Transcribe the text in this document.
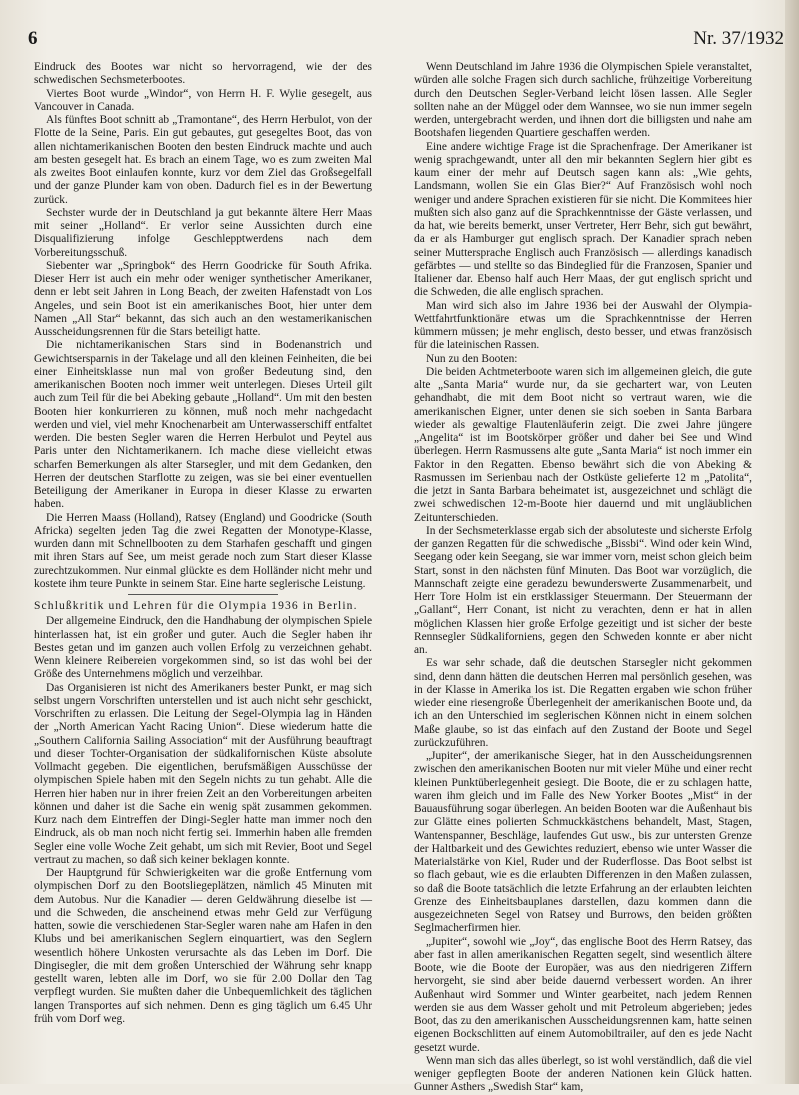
6	Nr. 37/1932

Eindruck des Bootes war nicht so hervorragend, wie der des schwedischen Sechsmeterbootes.

Viertes Boot wurde „Windor“, von Herrn H. F. Wylie gesegelt, aus Vancouver in Canada.

Als fünftes Boot schnitt ab „Tramontane“, des Herrn Herbulot, von der Flotte de la Seine, Paris. Ein gut gebautes, gut gesegeltes Boot, das von allen nichtamerikanischen Booten den besten Eindruck machte und auch am besten gesegelt hat. Es brach an einem Tage, wo es zum zweiten Mal als zweites Boot einlaufen konnte, kurz vor dem Ziel das Großsegelfall und der ganze Plunder kam von oben. Dadurch fiel es in der Bewertung zurück.

Sechster wurde der in Deutschland ja gut bekannte ältere Herr Maas mit seiner „Holland“. Er verlor seine Aussichten durch eine Disqualifizierung infolge Geschlepptwerdens nach dem Vorbereitungsschuß.

Siebenter war „Springbok“ des Herrn Goodricke für South Afrika. Dieser Herr ist auch ein mehr oder weniger synthetischer Amerikaner, denn er lebt seit Jahren in Long Beach, der zweiten Hafenstadt von Los Angeles, und sein Boot ist ein amerikanisches Boot, hier unter dem Namen „All Star“ bekannt, das sich auch an den westamerikanischen Ausscheidungsrennen für die Stars beteiligt hatte.

Die nichtamerikanischen Stars sind in Bodenanstrich und Gewichtsersparnis in der Takelage und all den kleinen Feinheiten, die bei einer Einheitsklasse nun mal von großer Bedeutung sind, den amerikanischen Booten noch immer weit unterlegen. Dieses Urteil gilt auch zum Teil für die bei Abeking gebaute „Holland“. Um mit den besten Booten hier konkurrieren zu können, muß noch mehr nachgedacht werden und viel, viel mehr Knochenarbeit am Unterwasserschiff entfaltet werden. Die besten Segler waren die Herren Herbulot und Peytel aus Paris unter den Nichtamerikanern. Ich mache diese vielleicht etwas scharfen Bemerkungen als alter Starsegler, und mit dem Gedanken, den Herren der deutschen Starflotte zu zeigen, was sie bei einer eventuellen Beteiligung der Amerikaner in Europa in dieser Klasse zu erwarten haben.

Die Herren Maass (Holland), Ratsey (England) und Goodricke (South Africka) segelten jeden Tag die zwei Regatten der Monotype-Klasse, wurden dann mit Schnellbooten zu dem Starhafen geschafft und gingen mit ihren Stars auf See, um meist gerade noch zum Start dieser Klasse zurechtzukommen. Nur einmal glückte es dem Holländer nicht mehr und kostete ihm teure Punkte in seinem Star. Eine harte seglerische Leistung.

Schlußkritik und Lehren für die Olympia 1936 in Berlin.

Der allgemeine Eindruck, den die Handhabung der olympischen Spiele hinterlassen hat, ist ein großer und guter. Auch die Segler haben ihr Bestes getan und im ganzen auch vollen Erfolg zu verzeichnen gehabt. Wenn kleinere Reibereien vorgekommen sind, so ist das wohl bei der Größe des Unternehmens möglich und verzeihbar.

Das Organisieren ist nicht des Amerikaners bester Punkt, er mag sich selbst ungern Vorschriften unterstellen und ist auch nicht sehr geschickt, Vorschriften zu erlassen. Die Leitung der Segel-Olympia lag in Händen der „North American Yacht Racing Union“. Diese wiederum hatte die „Southern California Sailing Association“ mit der Ausführung beauftragt und dieser Tochter-Organisation der südkalifornischen Küste absolute Vollmacht gegeben. Die eigentlichen, berufsmäßigen Ausschüsse der olympischen Spiele haben mit den Segeln nichts zu tun gehabt. Alle die Herren hier haben nur in ihrer freien Zeit an den Vorbereitungen arbeiten können und daher ist die Sache ein wenig spät zusammen gekommen. Kurz nach dem Eintreffen der Dingi-Segler hatte man immer noch den Eindruck, als ob man noch nicht fertig sei. Immerhin haben alle fremden Segler eine volle Woche Zeit gehabt, um sich mit Revier, Boot und Segel vertraut zu machen, so daß sich keiner beklagen konnte.

Der Hauptgrund für Schwierigkeiten war die große Entfernung vom olympischen Dorf zu den Bootsliegeplätzen, nämlich 45 Minuten mit dem Autobus. Nur die Kanadier — deren Geldwährung dieselbe ist — und die Schweden, die anscheinend etwas mehr Geld zur Verfügung hatten, sowie die verschiedenen Star-Segler waren nahe am Hafen in den Klubs und bei amerikanischen Seglern einquartiert, was den Seglern wesentlich höhere Unkosten verursachte als das Leben im Dorf. Die Dingisegler, die mit dem großen Unterschied der Währung sehr knapp gestellt waren, lebten alle im Dorf, wo sie für 2.00 Dollar den Tag verpflegt wurden. Sie mußten daher die Unbequemlichkeit des täglichen langen Transportes auf sich nehmen. Denn es ging täglich um 6.45 Uhr früh vom Dorf weg.

Wenn Deutschland im Jahre 1936 die Olympischen Spiele veranstaltet, würden alle solche Fragen sich durch sachliche, frühzeitige Vorbereitung durch den Deutschen Segler-Verband leicht lösen lassen. Alle Segler sollten nahe an der Müggel oder dem Wannsee, wo sie nun immer segeln werden, untergebracht werden, und ihnen dort die billigsten und nahe am Bootshafen liegenden Quartiere geschaffen werden.

Eine andere wichtige Frage ist die Sprachenfrage. Der Amerikaner ist wenig sprachgewandt, unter all den mir bekannten Seglern hier gibt es kaum einer der mehr auf Deutsch sagen kann als: „Wie gehts, Landsmann, wollen Sie ein Glas Bier?“ Auf Französisch wohl noch weniger und andere Sprachen existieren für sie nicht. Die Kommitees hier mußten sich also ganz auf die Sprachkenntnisse der Gäste verlassen, und da hat, wie bereits bemerkt, unser Vertreter, Herr Behr, sich gut bewährt, da er als Hamburger gut englisch sprach. Der Kanadier sprach neben seiner Muttersprache Englisch auch Französisch — allerdings kanadisch gefärbtes — und stellte so das Bindeglied für die Franzosen, Spanier und Italiener dar. Ebenso half auch Herr Maas, der gut englisch spricht und die Schweden, die alle englisch sprachen.

Man wird sich also im Jahre 1936 bei der Auswahl der Olympia-Wettfahrtfunktionäre etwas um die Sprachkenntnisse der Herren kümmern müssen; je mehr englisch, desto besser, und etwas französisch für die lateinischen Rassen.

Nun zu den Booten:

Die beiden Achtmeterboote waren sich im allgemeinen gleich, die gute alte „Santa Maria“ wurde nur, da sie gechartert war, von Leuten gehandhabt, die mit dem Boot nicht so vertraut waren, wie die amerikanischen Eigner, unter denen sie sich soeben in Santa Barbara wieder als gewaltige Flautenläuferin zeigt. Die zwei Jahre jüngere „Angelita“ ist im Bootskörper größer und daher bei See und Wind überlegen. Herrn Rasmussens alte gute „Santa Maria“ ist noch immer ein Faktor in den Regatten. Ebenso bewährt sich die von Abeking & Rasmussen im Serienbau nach der Ostküste gelieferte 12 m „Patolita“, die jetzt in Santa Barbara beheimatet ist, ausgezeichnet und schlägt die zwei schwedischen 12-m-Boote hier dauernd und mit ungläublichen Zeitunterschieden.

In der Sechsmeterklasse ergab sich der absoluteste und sicherste Erfolg der ganzen Regatten für die schwedische „Bissbi“. Wind oder kein Wind, Seegang oder kein Seegang, sie war immer vorn, meist schon gleich beim Start, sonst in den nächsten fünf Minuten. Das Boot war vorzüglich, die Mannschaft zeigte eine geradezu bewunderswerte Zusammenarbeit, und Herr Tore Holm ist ein erstklassiger Steuermann. Der Steuermann der „Gallant“, Herr Conant, ist nicht zu verachten, denn er hat in allen möglichen Klassen hier große Erfolge gezeitigt und ist sicher der beste Rennsegler Südkaliforniens, gegen den Schweden konnte er aber nicht an.

Es war sehr schade, daß die deutschen Starsegler nicht gekommen sind, denn dann hätten die deutschen Herren mal persönlich gesehen, was in der Klasse in Amerika los ist. Die Regatten ergaben wie schon früher wieder eine riesengroße Überlegenheit der amerikanischen Boote und, da ich an den Unterschied im seglerischen Können nicht in einem solchen Maße glaube, so ist das einfach auf den Zustand der Boote und Segel zurückzuführen.

„Jupiter“, der amerikanische Sieger, hat in den Ausscheidungsrennen zwischen den amerikanischen Booten nur mit vieler Mühe und einer recht kleinen Punktüberlegenheit gesiegt. Die Boote, die er zu schlagen hatte, waren ihm gleich und im Falle des New Yorker Bootes „Mist“ in der Bauausführung sogar überlegen. An beiden Booten war die Außenhaut bis zur Glätte eines polierten Schmuckkästchens behandelt, Mast, Stagen, Wantenspanner, Beschläge, laufendes Gut usw., bis zur untersten Grenze der Haltbarkeit und des Gewichtes reduziert, ebenso wie unter Wasser die Materialstärke von Kiel, Ruder und der Ruderflosse. Das Boot selbst ist so flach gebaut, wie es die erlaubten Differenzen in den Maßen zulassen, so daß die Boote tatsächlich die letzte Erfahrung an der erlaubten leichten Grenze des Einheitsbauplanes darstellen, dazu kommen dann die ausgezeichneten Segel von Ratsey und Burrows, den beiden größten Seglmacherfirmen hier.

„Jupiter“, sowohl wie „Joy“, das englische Boot des Herrn Ratsey, das aber fast in allen amerikanischen Regatten segelt, sind wesentlich ältere Boote, wie die Boote der Europäer, was aus den niedrigeren Ziffern hervorgeht, sie sind aber beide dauernd verbessert worden. An ihrer Außenhaut wird Sommer und Winter gearbeitet, nach jedem Rennen werden sie aus dem Wasser geholt und mit Petroleum abgerieben; jedes Boot, das zu den amerikanischen Ausscheidungsrennen kam, hatte seinen eigenen Bockschlitten auf einem Automobiltrailer, auf den es jede Nacht gesetzt wurde.

Wenn man sich das alles überlegt, so ist wohl verständlich, daß die viel weniger gepflegten Boote der anderen Nationen kein Glück hatten. Gunner Asthers „Swedish Star“ kam,
